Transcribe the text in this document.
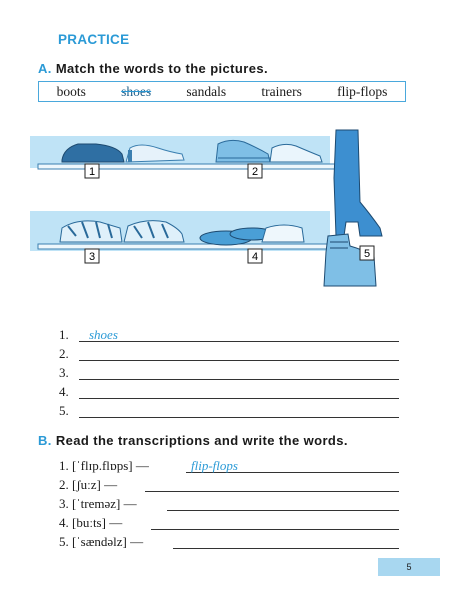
PRACTICE
A. Match the words to the pictures.
boots	shoes	sandals	trainers	flip-flops
1	2
3	4	5
1. shoes
2.
3.
4.
5.
B. Read the transcriptions and write the words.
1. [ˈflɪp.flɒps] —	flip-flops
2. [ʃuːz] —
3. [ˈtreməz] —
4. [buːts] —
5. [ˈsændəlz] —
5
